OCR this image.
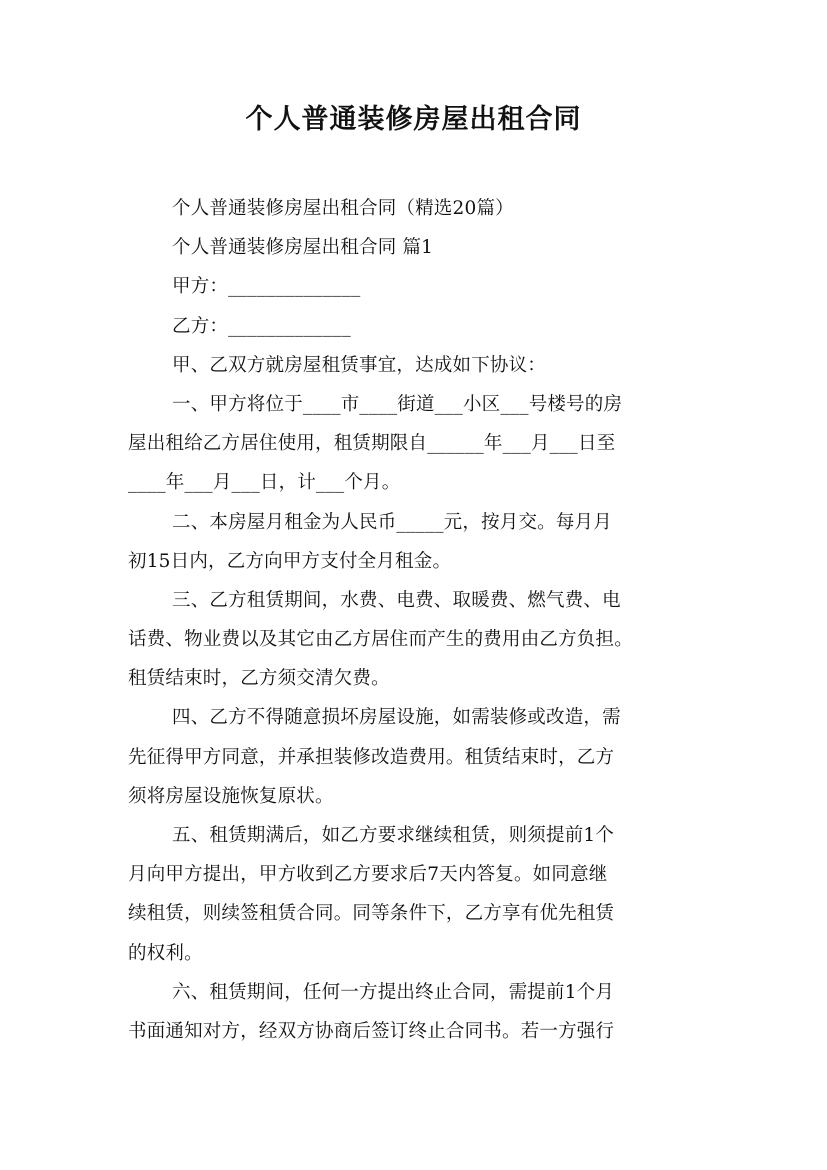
个人普通装修房屋出租合同
个人普通装修房屋出租合同（精选20篇）
个人普通装修房屋出租合同 篇1
甲方：______________
乙方：_____________
甲、乙双方就房屋租赁事宜，达成如下协议：
一、甲方将位于____市____街道___小区___号楼号的房
屋出租给乙方居住使用，租赁期限自______年___月___日至
____年___月___日，计___个月。
二、本房屋月租金为人民币_____元，按月交。每月月
初15日内，乙方向甲方支付全月租金。
三、乙方租赁期间，水费、电费、取暖费、燃气费、电
话费、物业费以及其它由乙方居住而产生的费用由乙方负担。
租赁结束时，乙方须交清欠费。
四、乙方不得随意损坏房屋设施，如需装修或改造，需
先征得甲方同意，并承担装修改造费用。租赁结束时，乙方
须将房屋设施恢复原状。
五、租赁期满后，如乙方要求继续租赁，则须提前1个
月向甲方提出，甲方收到乙方要求后7天内答复。如同意继
续租赁，则续签租赁合同。同等条件下，乙方享有优先租赁
的权利。
六、租赁期间，任何一方提出终止合同，需提前1个月
书面通知对方，经双方协商后签订终止合同书。若一方强行
